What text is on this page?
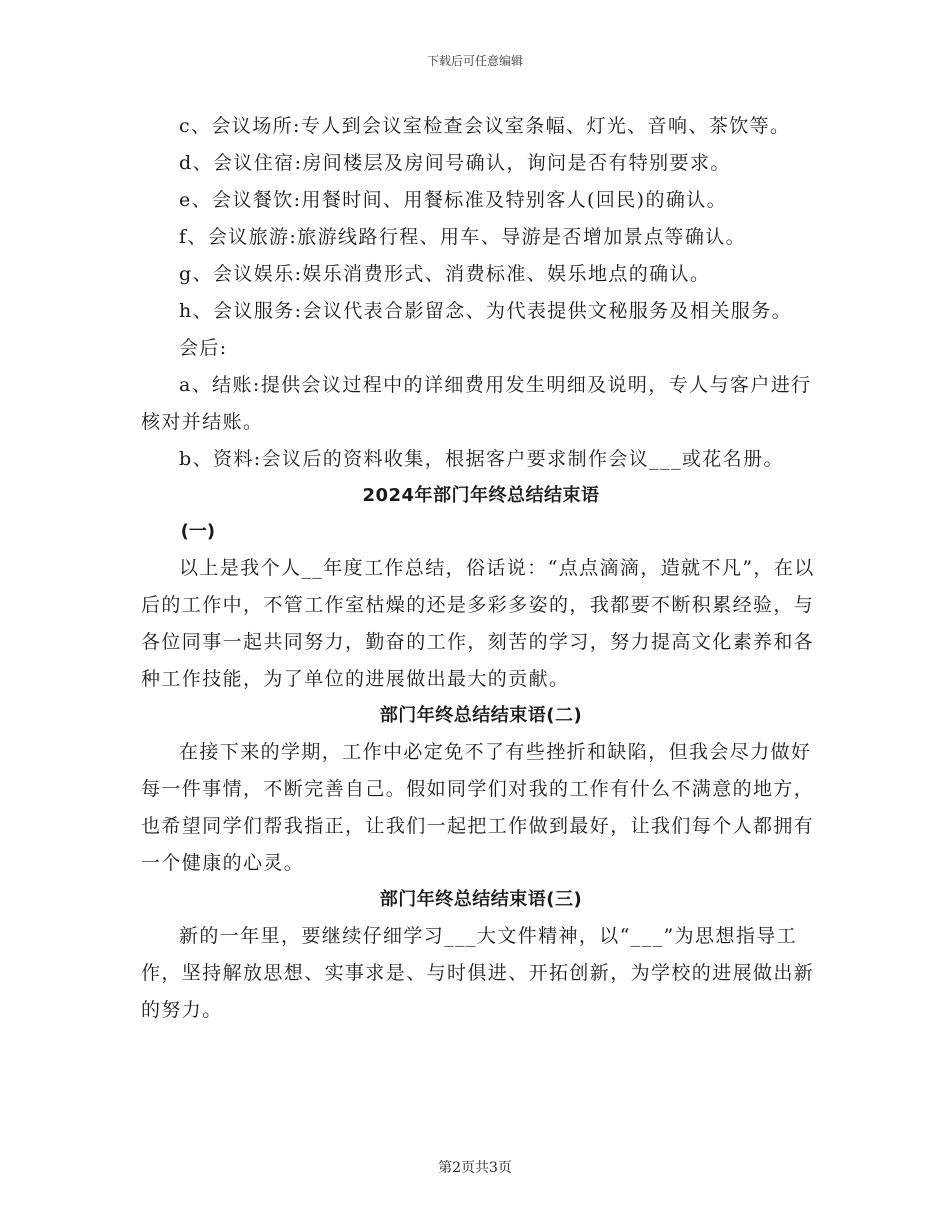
下载后可任意编辑

c、会议场所:专人到会议室检查会议室条幅、灯光、音响、茶饮等。

d、会议住宿:房间楼层及房间号确认，询问是否有特别要求。

e、会议餐饮:用餐时间、用餐标准及特别客人(回民)的确认。

f、会议旅游:旅游线路行程、用车、导游是否增加景点等确认。

g、会议娱乐:娱乐消费形式、消费标准、娱乐地点的确认。

h、会议服务:会议代表合影留念、为代表提供文秘服务及相关服务。

会后:

a、结账:提供会议过程中的详细费用发生明细及说明，专人与客户进行核对并结账。

b、资料:会议后的资料收集，根据客户要求制作会议___或花名册。

2024年部门年终总结结束语
(一)

以上是我个人__年度工作总结，俗话说：“点点滴滴，造就不凡”，在以后的工作中，不管工作室枯燥的还是多彩多姿的，我都要不断积累经验，与各位同事一起共同努力，勤奋的工作，刻苦的学习，努力提高文化素养和各种工作技能，为了单位的进展做出最大的贡献。

部门年终总结结束语(二)

在接下来的学期，工作中必定免不了有些挫折和缺陷，但我会尽力做好每一件事情，不断完善自己。假如同学们对我的工作有什么不满意的地方，也希望同学们帮我指正，让我们一起把工作做到最好，让我们每个人都拥有一个健康的心灵。

部门年终总结结束语(三)

新的一年里，要继续仔细学习___大文件精神，以“___”为思想指导工作，坚持解放思想、实事求是、与时俱进、开拓创新，为学校的进展做出新的努力。

第2页共3页
